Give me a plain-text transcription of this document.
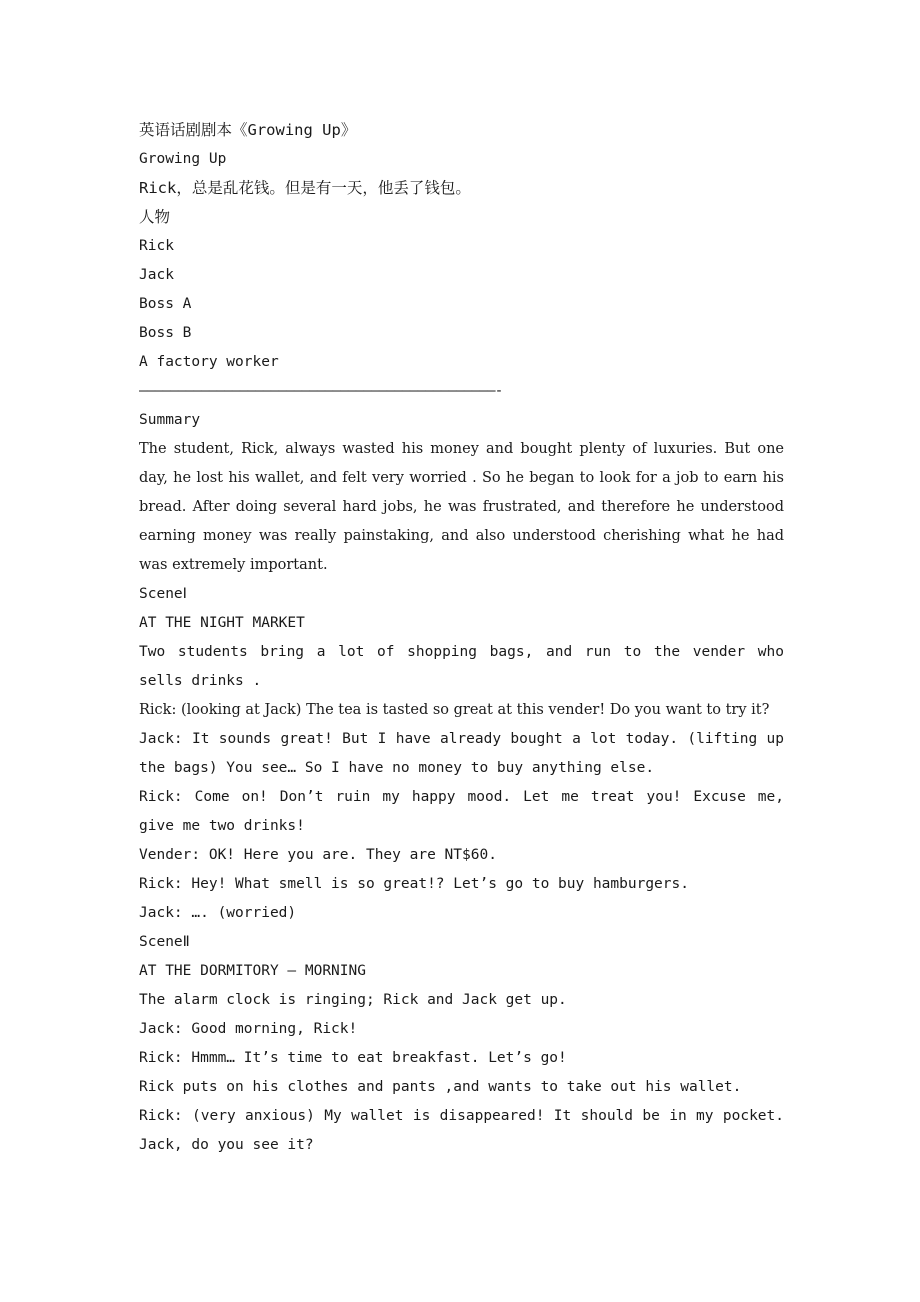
英语话剧剧本《Growing Up》
Growing Up
Rick，总是乱花钱。但是有一天，他丢了钱包。
人物
Rick
Jack
Boss A
Boss B
A factory worker
——————————————————————————————————————————————-
Summary
The student, Rick, always wasted his money and bought plenty of luxuries. But one day, he lost his wallet, and felt very worried . So he began to look for a job to earn his bread. After doing several hard jobs, he was frustrated, and therefore he understood earning money was really painstaking, and also understood cherishing what he had was extremely important.
SceneⅠ
AT THE NIGHT MARKET
Two students bring a lot of shopping bags, and run to the vender who sells drinks .
Rick: (looking at Jack) The tea is tasted so great at this vender! Do you want to try it?
Jack: It sounds great! But I have already bought a lot today. (lifting up the bags) You see… So I have no money to buy anything else.
Rick: Come on! Don’t ruin my happy mood. Let me treat you! Excuse me, give me two drinks!
Vender: OK! Here you are. They are NT$60.
Rick: Hey! What smell is so great!? Let’s go to buy hamburgers.
Jack: …. (worried)
SceneⅡ
AT THE DORMITORY – MORNING
The alarm clock is ringing; Rick and Jack get up.
Jack: Good morning, Rick!
Rick: Hmmm… It’s time to eat breakfast. Let’s go!
Rick puts on his clothes and pants ,and wants to take out his wallet.
Rick: (very anxious) My wallet is disappeared! It should be in my pocket. Jack, do you see it?
